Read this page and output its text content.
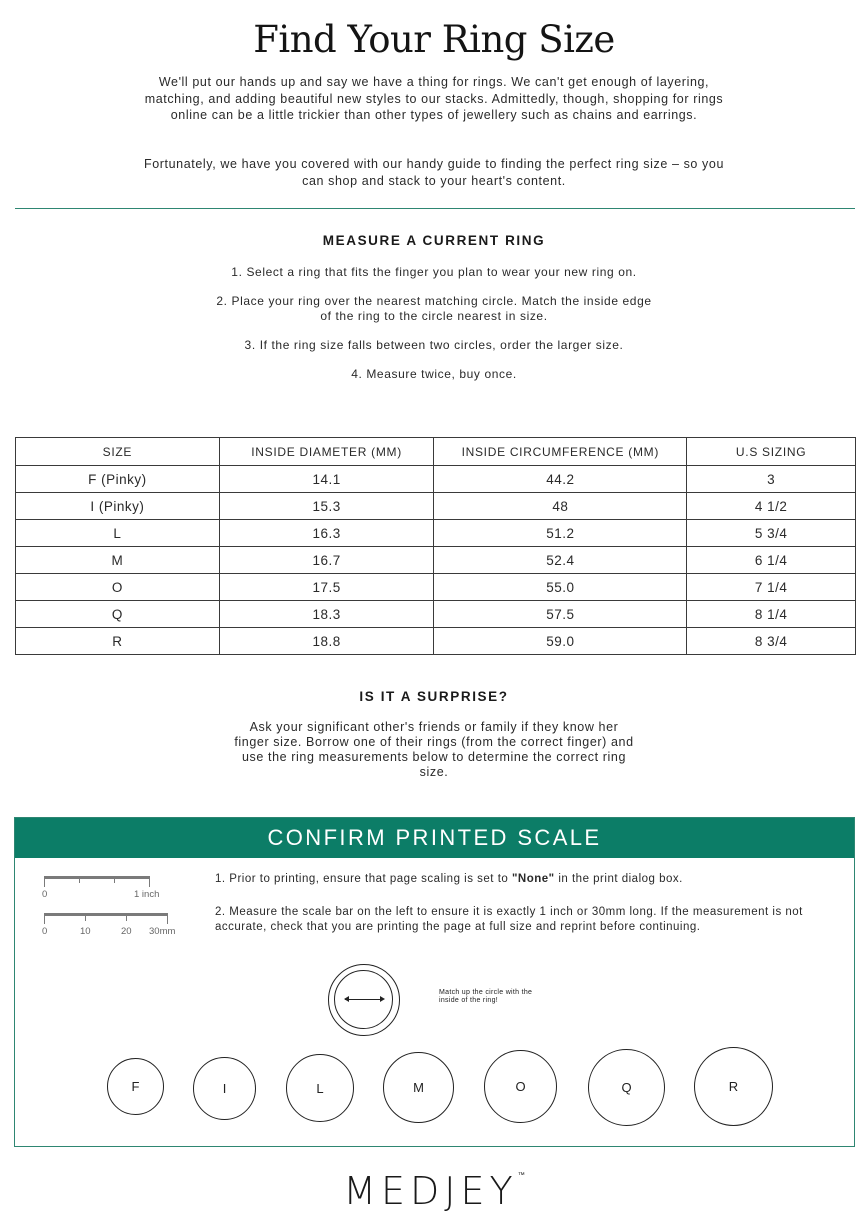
Find Your Ring Size

We'll put our hands up and say we have a thing for rings. We can't get enough of layering, matching, and adding beautiful new styles to our stacks. Admittedly, though, shopping for rings online can be a little trickier than other types of jewellery such as chains and earrings.

Fortunately, we have you covered with our handy guide to finding the perfect ring size – so you can shop and stack to your heart's content.

MEASURE A CURRENT RING

1. Select a ring that fits the finger you plan to wear your new ring on.

2. Place your ring over the nearest matching circle. Match the inside edge of the ring to the circle nearest in size.

3. If the ring size falls between two circles, order the larger size.

4. Measure twice, buy once.

SIZE	INSIDE DIAMETER (MM)	INSIDE CIRCUMFERENCE (MM)	U.S SIZING
F (Pinky)	14.1	44.2	3
I (Pinky)	15.3	48	4 1/2
L	16.3	51.2	5 3/4
M	16.7	52.4	6 1/4
O	17.5	55.0	7 1/4
Q	18.3	57.5	8 1/4
R	18.8	59.0	8 3/4
IS IT A SURPRISE?

Ask your significant other's friends or family if they know her finger size. Borrow one of their rings (from the correct finger) and use the ring measurements below to determine the correct ring size.

CONFIRM PRINTED SCALE
0	1 inch
0	10	20 30mm

1. Prior to printing, ensure that page scaling is set to "None" in the print dialog box.

2. Measure the scale bar on the left to ensure it is exactly 1 inch or 30mm long. If the measurement is not accurate, check that you are printing the page at full size and reprint before continuing.

Match up the circle with the inside of the ring!

F	I	L	M	O	Q	R
MEDJEY™
